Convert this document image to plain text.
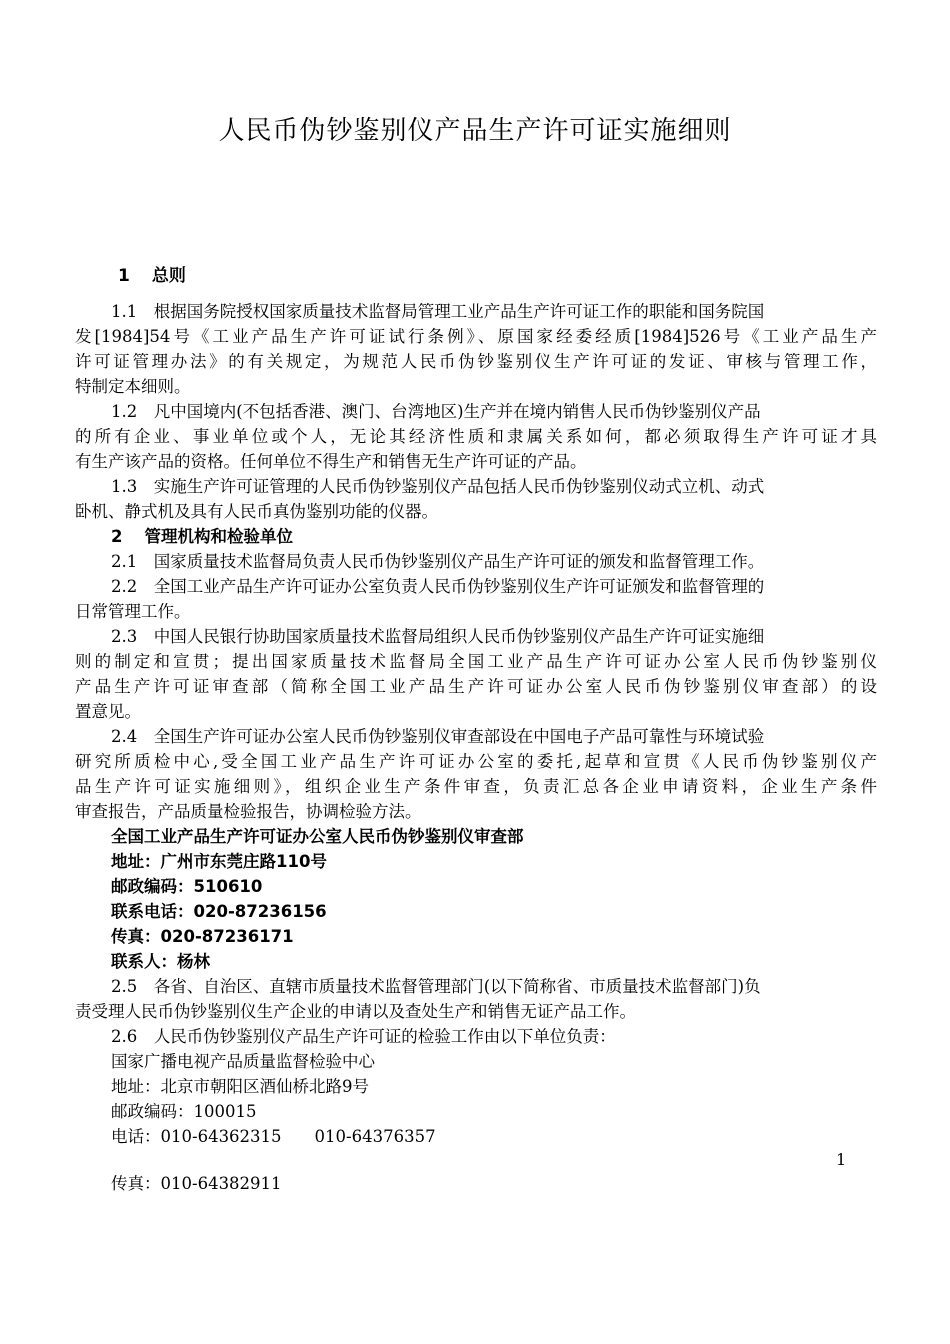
人民币伪钞鉴别仪产品生产许可证实施细则
1 总则
1.1　根据国务院授权国家质量技术监督局管理工业产品生产许可证工作的职能和国务院国
发[1984]54号《工业产品生产许可证试行条例》、原国家经委经质[1984]526号《工业产品生产
许可证管理办法》的有关规定，为规范人民币伪钞鉴别仪生产许可证的发证、审核与管理工作，
特制定本细则。
1.2　凡中国境内(不包括香港、澳门、台湾地区)生产并在境内销售人民币伪钞鉴别仪产品
的所有企业、事业单位或个人，无论其经济性质和隶属关系如何，都必须取得生产许可证才具
有生产该产品的资格。任何单位不得生产和销售无生产许可证的产品。
1.3　实施生产许可证管理的人民币伪钞鉴别仪产品包括人民币伪钞鉴别仪动式立机、动式
卧机、静式机及具有人民币真伪鉴别功能的仪器。
2 管理机构和检验单位
2.1　国家质量技术监督局负责人民币伪钞鉴别仪产品生产许可证的颁发和监督管理工作。
2.2　全国工业产品生产许可证办公室负责人民币伪钞鉴别仪生产许可证颁发和监督管理的
日常管理工作。
2.3　中国人民银行协助国家质量技术监督局组织人民币伪钞鉴别仪产品生产许可证实施细
则的制定和宣贯；提出国家质量技术监督局全国工业产品生产许可证办公室人民币伪钞鉴别仪
产品生产许可证审查部（简称全国工业产品生产许可证办公室人民币伪钞鉴别仪审查部）的设
置意见。
2.4　全国生产许可证办公室人民币伪钞鉴别仪审查部设在中国电子产品可靠性与环境试验
研究所质检中心,受全国工业产品生产许可证办公室的委托,起草和宣贯《人民币伪钞鉴别仪产
品生产许可证实施细则》，组织企业生产条件审查，负责汇总各企业申请资料，企业生产条件
审查报告，产品质量检验报告，协调检验方法。
全国工业产品生产许可证办公室人民币伪钞鉴别仪审查部
地址：广州市东莞庄路110号
邮政编码：510610
联系电话：020-87236156
传真：020-87236171
联系人：杨林
2.5　各省、自治区、直辖市质量技术监督管理部门(以下简称省、市质量技术监督部门)负
责受理人民币伪钞鉴别仪生产企业的申请以及查处生产和销售无证产品工作。
2.6　人民币伪钞鉴别仪产品生产许可证的检验工作由以下单位负责：
国家广播电视产品质量监督检验中心
地址：北京市朝阳区酒仙桥北路9号
邮政编码：100015
电话：010-64362315　　010-64376357
1
传真：010-64382911
